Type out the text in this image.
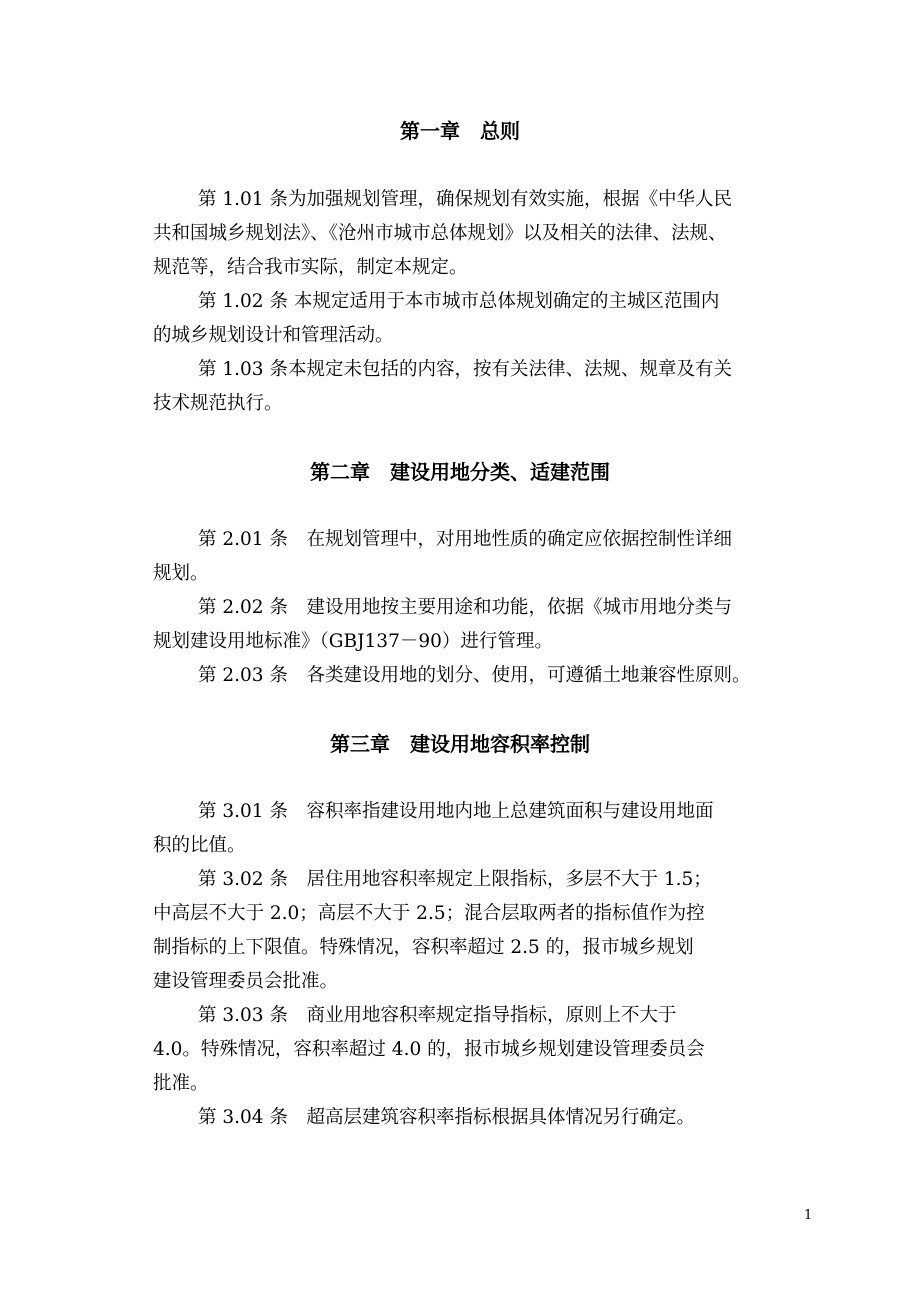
第一章　总则
第 1.01 条为加强规划管理，确保规划有效实施，根据《中华人民
共和国城乡规划法》、《沧州市城市总体规划》以及相关的法律、法规、
规范等，结合我市实际，制定本规定。
第 1.02 条 本规定适用于本市城市总体规划确定的主城区范围内
的城乡规划设计和管理活动。
第 1.03 条本规定未包括的内容，按有关法律、法规、规章及有关
技术规范执行。
第二章　建设用地分类、适建范围
第 2.01 条　在规划管理中，对用地性质的确定应依据控制性详细
规划。
第 2.02 条　建设用地按主要用途和功能，依据《城市用地分类与
规划建设用地标准》（GBJ137－90）进行管理。
第 2.03 条　各类建设用地的划分、使用，可遵循土地兼容性原则。
第三章　建设用地容积率控制
第 3.01 条　容积率指建设用地内地上总建筑面积与建设用地面
积的比值。
第 3.02 条　居住用地容积率规定上限指标，多层不大于 1.5；
中高层不大于 2.0；高层不大于 2.5；混合层取两者的指标值作为控
制指标的上下限值。特殊情况，容积率超过 2.5 的，报市城乡规划
建设管理委员会批准。
第 3.03 条　商业用地容积率规定指导指标，原则上不大于
4.0。特殊情况，容积率超过 4.0 的，报市城乡规划建设管理委员会
批准。
第 3.04 条　超高层建筑容积率指标根据具体情况另行确定。
1
